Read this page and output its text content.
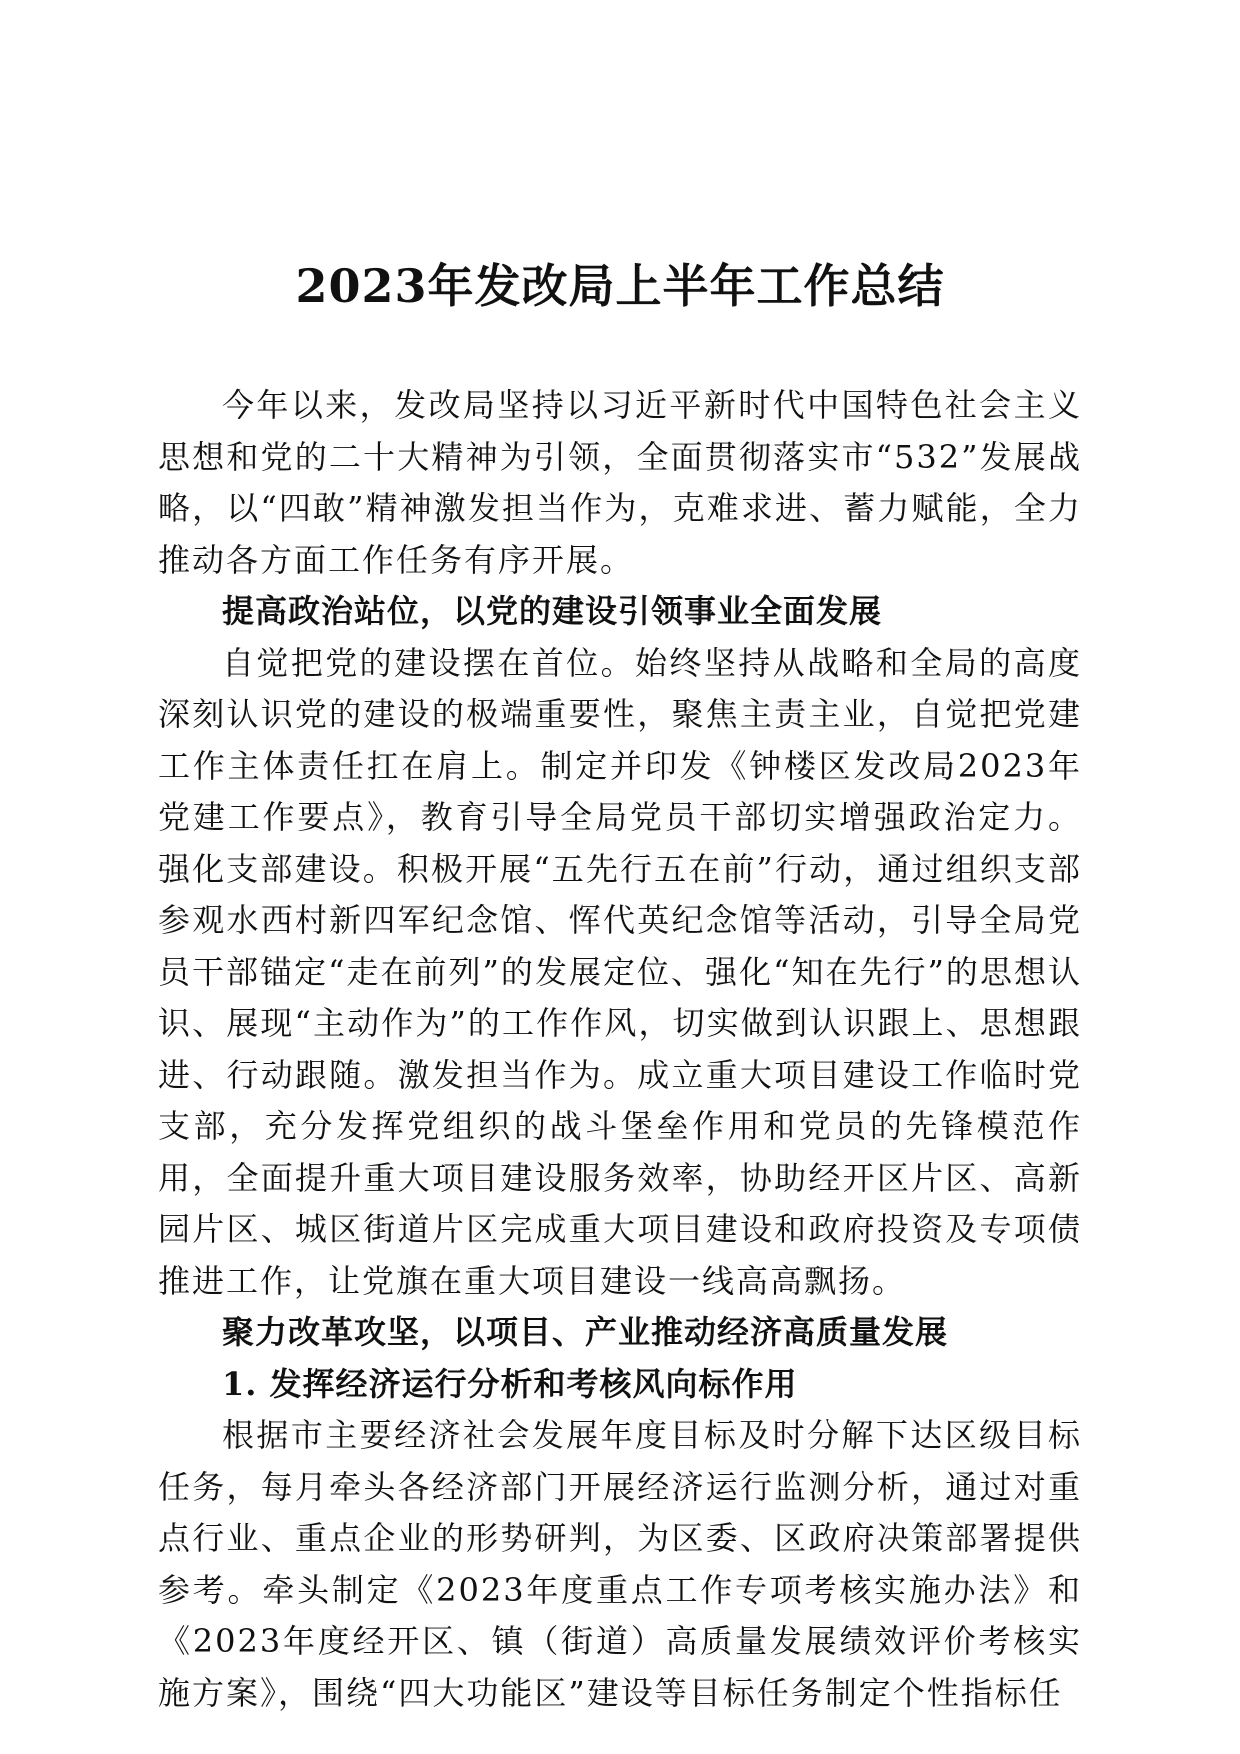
2023年发改局上半年工作总结

今年以来，发改局坚持以习近平新时代中国特色社会主义思想和党的二十大精神为引领，全面贯彻落实市“532”发展战略，以“四敢”精神激发担当作为，克难求进、蓄力赋能，全力推动各方面工作任务有序开展。

提高政治站位，以党的建设引领事业全面发展

自觉把党的建设摆在首位。始终坚持从战略和全局的高度深刻认识党的建设的极端重要性，聚焦主责主业，自觉把党建工作主体责任扛在肩上。制定并印发《钟楼区发改局2023年党建工作要点》，教育引导全局党员干部切实增强政治定力。强化支部建设。积极开展“五先行五在前”行动，通过组织支部参观水西村新四军纪念馆、恽代英纪念馆等活动，引导全局党员干部锚定“走在前列”的发展定位、强化“知在先行”的思想认识、展现“主动作为”的工作作风，切实做到认识跟上、思想跟进、行动跟随。激发担当作为。成立重大项目建设工作临时党支部，充分发挥党组织的战斗堡垒作用和党员的先锋模范作用，全面提升重大项目建设服务效率，协助经开区片区、高新园片区、城区街道片区完成重大项目建设和政府投资及专项债推进工作，让党旗在重大项目建设一线高高飘扬。

聚力改革攻坚，以项目、产业推动经济高质量发展

1. 发挥经济运行分析和考核风向标作用

根据市主要经济社会发展年度目标及时分解下达区级目标任务，每月牵头各经济部门开展经济运行监测分析，通过对重点行业、重点企业的形势研判，为区委、区政府决策部署提供参考。牵头制定《2023年度重点工作专项考核实施办法》和《2023年度经开区、镇（街道）高质量发展绩效评价考核实施方案》，围绕“四大功能区”建设等目标任务制定个性指标任
